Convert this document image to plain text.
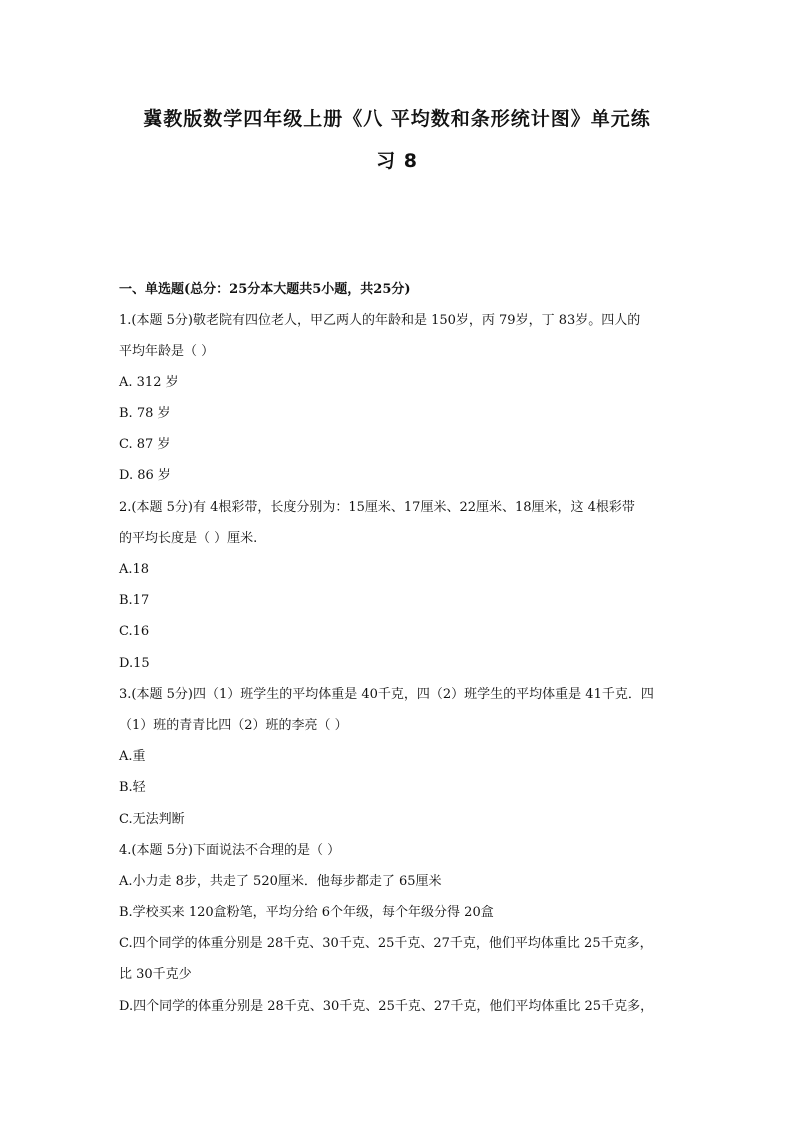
冀教版数学四年级上册《八 平均数和条形统计图》单元练
习 8
一、单选题(总分：25分本大题共5小题，共25分)
1.(本题 5分)敬老院有四位老人，甲乙两人的年龄和是 150岁，丙 79岁，丁 83岁。四人的
平均年龄是（ ）
A. 312 岁
B. 78 岁
C. 87 岁
D. 86 岁
2.(本题 5分)有 4根彩带，长度分别为：15厘米、17厘米、22厘米、18厘米，这 4根彩带
的平均长度是（ ）厘米.
A.18
B.17
C.16
D.15
3.(本题 5分)四（1）班学生的平均体重是 40千克，四（2）班学生的平均体重是 41千克．四
（1）班的青青比四（2）班的李亮（ ）
A.重
B.轻
C.无法判断
4.(本题 5分)下面说法不合理的是（ ）
A.小力走 8步，共走了 520厘米．他每步都走了 65厘米
B.学校买来 120盒粉笔，平均分给 6个年级，每个年级分得 20盒
C.四个同学的体重分别是 28千克、30千克、25千克、27千克，他们平均体重比 25千克多，
比 30千克少
D.四个同学的体重分别是 28千克、30千克、25千克、27千克，他们平均体重比 25千克多，
